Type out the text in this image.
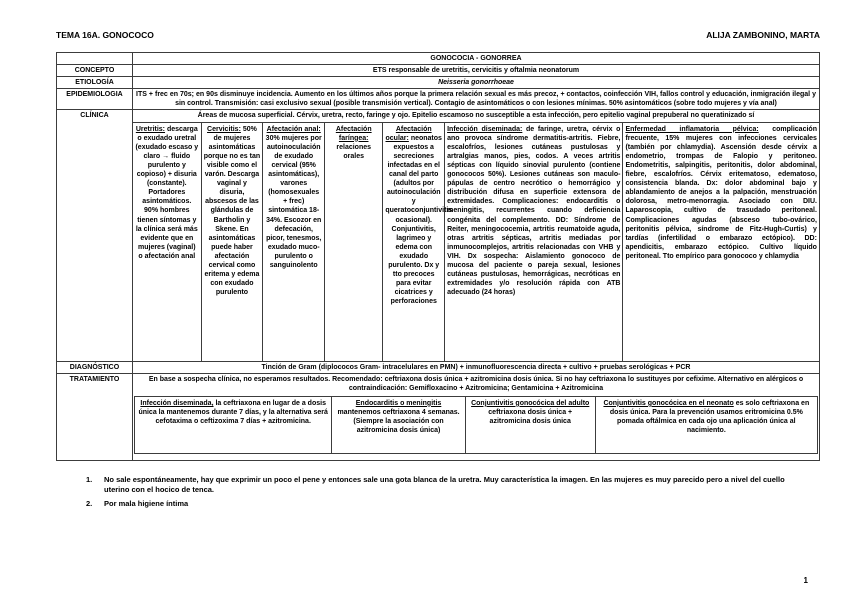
TEMA 16A. GONOCOCO	ALIJA ZAMBONINO, MARTA
	GONOCOCIA - GONORREA
CONCEPTO	ETS responsable de uretritis, cervicitis y oftalmia neonatorum
ETIOLOGÍA	Neisseria gonorrhoeae
EPIDEMIOLOGIA	ITS + frec en 70s; en 90s disminuye incidencia. Aumento en los últimos años porque la primera relación sexual es más precoz, + contactos, coinfección VIH, fallos control y educación, inmigración ilegal y sin control. Transmisión: casi exclusivo sexual (posible transmisión vertical). Contagio de asintomáticos o con lesiones mínimas. 50% asintomáticos (sobre todo mujeres y vía anal)
CLÍNICA	Áreas de mucosa superficial. Cérvix, uretra, recto, faringe y ojo. Epitelio escamoso no susceptible a esta infección, pero epitelio vaginal prepuberal no queratinizado sí
Uretritis: descarga o exudado uretral (exudado escaso y claro → fluido purulento y copioso) + disuria (constante). Portadores asintomáticos. 90% hombres tienen síntomas y la clínica será más evidente que en mujeres (vaginal) o afectación anal
Cervicitis: 50% de mujeres asintomáticas porque no es tan visible como el varón. Descarga vaginal y disuria, abscesos de las glándulas de Bartholin y Skene. En asintomáticas puede haber afectación cervical como eritema y edema con exudado purulento
Afectación anal: 30% mujeres por autoinoculación de exudado cervical (95% asintomáticas), varones (homosexuales + frec) sintomática 18-34%. Escozor en defecación, picor, tenesmos, exudado muco-purulento o sanguinolento
Afectación faríngea: relaciones orales
Afectación ocular: neonatos expuestos a secreciones infectadas en el canal del parto (adultos por autoinoculación y queratoconjuntivitis ocasional). Conjuntivitis, lagrimeo y edema con exudado purulento. Dx y tto precoces para evitar cicatrices y perforaciones
Infección diseminada: de faringe, uretra, cérvix o ano provoca síndrome dermatitis-artritis. Fiebre, escalofríos, lesiones cutáneas pustulosas y artralgias manos, pies, codos. A veces artritis sépticas con líquido sinovial purulento (contiene gonococos 50%). Lesiones cutáneas son maculo-pápulas de centro necrótico o hemorrágico y distribución difusa en superficie extensora de extremidades. Complicaciones: endocarditis o meningitis, recurrentes cuando deficiencia congénita del complemento. DD: Síndrome de Reiter, meningococemia, artritis reumatoide aguda, otras artritis sépticas, artritis mediadas por inmunocomplejos, artritis relacionadas con VHB y VIH. Dx sospecha: Aislamiento gonococo de mucosa del paciente o pareja sexual, lesiones cutáneas pustulosas, hemorrágicas, necróticas en extremidades y/o resolución rápida con ATB adecuado (24 horas)
Enfermedad inflamatoria pélvica: complicación frecuente, 15% mujeres con infecciones cervicales (también por chlamydia). Ascensión desde cérvix a endometrio, trompas de Falopio y peritoneo. Endometritis, salpingitis, peritonitis, dolor abdominal, fiebre, escalofríos. Cérvix eritematoso, edematoso, consistencia blanda. Dx: dolor abdominal bajo y ablandamiento de anejos a la palpación, menstruación dolorosa, metro-menorragia. Asociado con DIU. Laparoscopia, cultivo de trasudado peritoneal. Complicaciones agudas (absceso tubo-ovárico, peritonitis pélvica, síndrome de Fitz-Hugh-Curtis) y tardías (infertilidad o embarazo ectópico). DD: apendicitis, embarazo ectópico. Cultivo líquido peritoneal. Tto empírico para gonococo y chlamydia

DIAGNÓSTICO	Tinción de Gram (diplococos Gram- intracelulares en PMN) + inmunofluorescencia directa + cultivo + pruebas serológicas + PCR
TRATAMIENTO	En base a sospecha clínica, no esperamos resultados. Recomendado: ceftriaxona dosis única + azitromicina dosis única. Si no hay ceftriaxona lo sustituyes por cefixime. Alternativo en alérgicos o contraindicación: Gemifloxacino + Azitromicina; Gentamicina + Azitromicina
Infección diseminada, la ceftriaxona en lugar de a dosis única la mantenemos durante 7 días, y la alternativa será cefotaxima o ceftizoxima 7 días + azitromicina.
Endocarditis o meningitis mantenemos ceftriaxona 4 semanas. (Siempre la asociación con azitromicina dosis única)
Conjuntivitis gonocócica del adulto ceftriaxona dosis única + azitromicina dosis única
Conjuntivitis gonocócica en el neonato es solo ceftriaxona en dosis única. Para la prevención usamos eritromicina 0.5% pomada oftálmica en cada ojo una aplicación única al nacimiento.
1.	No sale espontáneamente, hay que exprimir un poco el pene y entonces sale una gota blanca de la uretra. Muy característica la imagen. En las mujeres es muy parecido pero a nivel del cuello uterino con el hocico de tenca.
2.	Por mala higiene íntima
1
